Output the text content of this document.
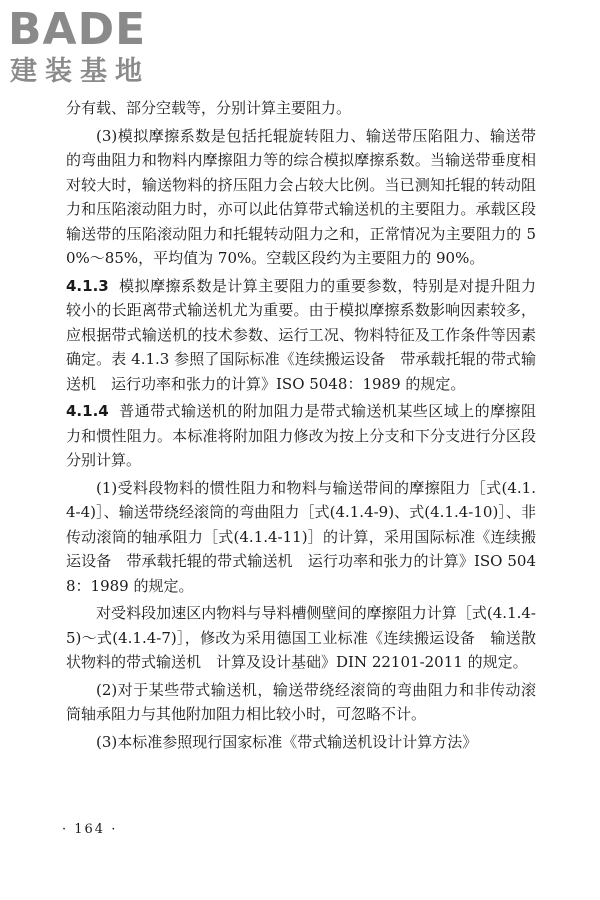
BADE
建装基地

分有载、部分空载等，分别计算主要阻力。

(3)模拟摩擦系数是包括托辊旋转阻力、输送带压陷阻力、输送带的弯曲阻力和物料内摩擦阻力等的综合模拟摩擦系数。当输送带垂度相对较大时，输送物料的挤压阻力会占较大比例。当已测知托辊的转动阻力和压陷滚动阻力时，亦可以此估算带式输送机的主要阻力。承载区段输送带的压陷滚动阻力和托辊转动阻力之和，正常情况为主要阻力的 50%～85%，平均值为 70%。空载区段约为主要阻力的 90%。

4.1.3 模拟摩擦系数是计算主要阻力的重要参数，特别是对提升阻力较小的长距离带式输送机尤为重要。由于模拟摩擦系数影响因素较多，应根据带式输送机的技术参数、运行工况、物料特征及工作条件等因素确定。表 4.1.3 参照了国际标准《连续搬运设备　带承载托辊的带式输送机　运行功率和张力的计算》ISO 5048：1989 的规定。

4.1.4 普通带式输送机的附加阻力是带式输送机某些区域上的摩擦阻力和惯性阻力。本标准将附加阻力修改为按上分支和下分支进行分区段分别计算。

(1)受料段物料的惯性阻力和物料与输送带间的摩擦阻力［式(4.1.4-4)］、输送带绕经滚筒的弯曲阻力［式(4.1.4-9)、式(4.1.4-10)］、非传动滚筒的轴承阻力［式(4.1.4-11)］的计算，采用国际标准《连续搬运设备　带承载托辊的带式输送机　运行功率和张力的计算》ISO 5048：1989 的规定。

对受料段加速区内物料与导料槽侧壁间的摩擦阻力计算［式(4.1.4-5)～式(4.1.4-7)］，修改为采用德国工业标准《连续搬运设备　输送散状物料的带式输送机　计算及设计基础》DIN 22101-2011 的规定。

(2)对于某些带式输送机，输送带绕经滚筒的弯曲阻力和非传动滚筒轴承阻力与其他附加阻力相比较小时，可忽略不计。

(3)本标准参照现行国家标准《带式输送机设计计算方法》

· 164 ·
